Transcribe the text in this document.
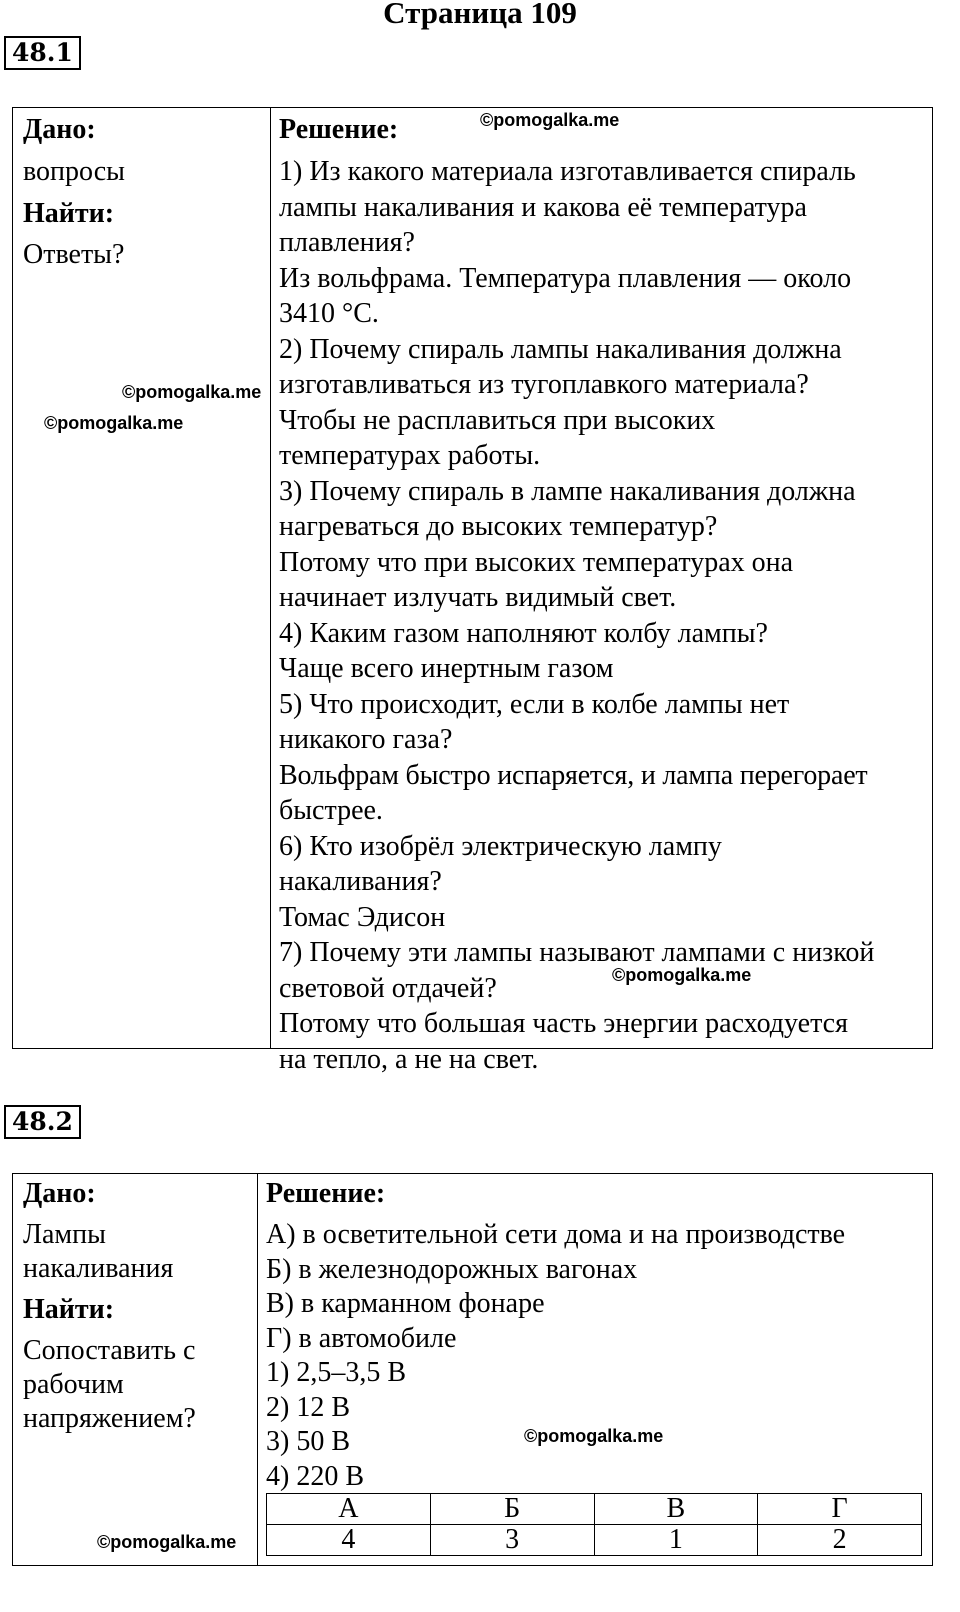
Страница 109
48.1
Дано:
вопросы
Найти:
Ответы?
Решение:
1) Из какого материала изготавливается спираль
лампы накаливания и какова её температура
плавления?
Из вольфрама. Температура плавления — около
3410 °C.
2) Почему спираль лампы накаливания должна
изготавливаться из тугоплавкого материала?
Чтобы не расплавиться при высоких
температурах работы.
3) Почему спираль в лампе накаливания должна
нагреваться до высоких температур?
Потому что при высоких температурах она
начинает излучать видимый свет.
4) Каким газом наполняют колбу лампы?
Чаще всего инертным газом
5) Что происходит, если в колбе лампы нет
никакого газа?
Вольфрам быстро испаряется, и лампа перегорает
быстрее.
6) Кто изобрёл электрическую лампу
накаливания?
Томас Эдисон
7) Почему эти лампы называют лампами с низкой
световой отдачей?
Потому что большая часть энергии расходуется
на тепло, а не на свет.
©pomogalka.me
©pomogalka.me
©pomogalka.me
©pomogalka.me
48.2
Дано:
Лампы
накаливания
Найти:
Сопоставить с
рабочим
напряжением?
Решение:
А) в осветительной сети дома и на производстве
Б) в железнодорожных вагонах
В) в карманном фонаре
Г) в автомобиле
1) 2,5–3,5 В
2) 12 В
3) 50 В
4) 220 В
А	Б	В	Г
4	3	1	2
©pomogalka.me
©pomogalka.me
